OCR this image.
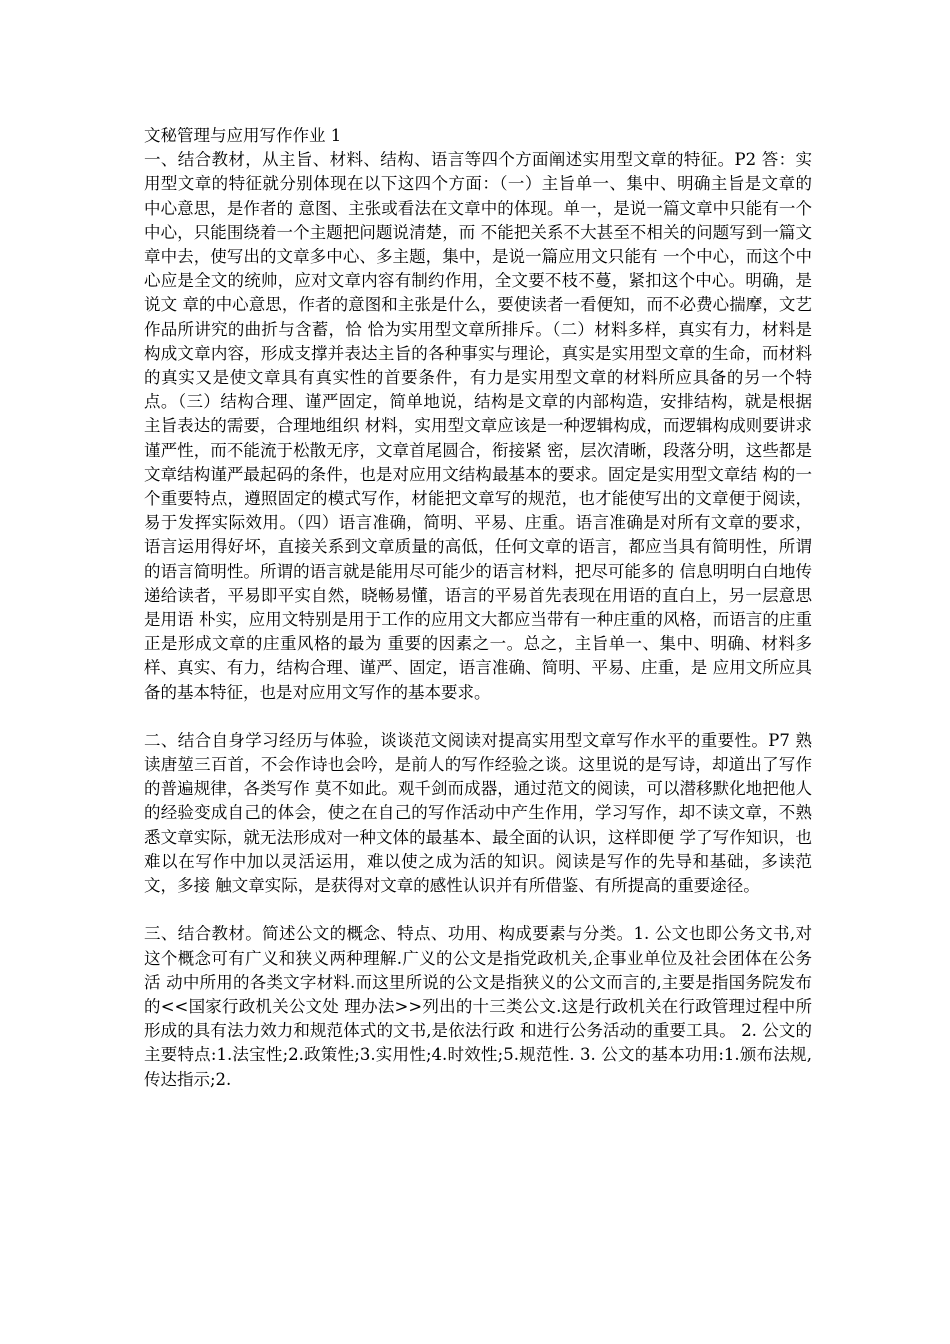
文秘管理与应用写作作业 1

一、结合教材，从主旨、材料、结构、语言等四个方面阐述实用型文章的特征。P2 答：实用型文章的特征就分别体现在以下这四个方面：（一）主旨单一、集中、明确主旨是文章的中心意思，是作者的 意图、主张或看法在文章中的体现。单一，是说一篇文章中只能有一个中心，只能围绕着一个主题把问题说清楚，而 不能把关系不大甚至不相关的问题写到一篇文章中去，使写出的文章多中心、多主题，集中，是说一篇应用文只能有 一个中心，而这个中心应是全文的统帅，应对文章内容有制约作用，全文要不枝不蔓，紧扣这个中心。明确，是说文 章的中心意思，作者的意图和主张是什么，要使读者一看便知，而不必费心揣摩，文艺作品所讲究的曲折与含蓄，恰 恰为实用型文章所排斥。（二）材料多样，真实有力，材料是构成文章内容，形成支撑并表达主旨的各种事实与理论，真实是实用型文章的生命，而材料的真实又是使文章具有真实性的首要条件，有力是实用型文章的材料所应具备的另一个特点。（三）结构合理、谨严固定，简单地说，结构是文章的内部构造，安排结构，就是根据主旨表达的需要，合理地组织 材料，实用型文章应该是一种逻辑构成，而逻辑构成则要讲求谨严性，而不能流于松散无序，文章首尾圆合，衔接紧 密，层次清晰，段落分明，这些都是文章结构谨严最起码的条件，也是对应用文结构最基本的要求。固定是实用型文章结 构的一个重要特点，遵照固定的模式写作，材能把文章写的规范，也才能使写出的文章便于阅读，易于发挥实际效用。（四）语言准确，简明、平易、庄重。语言准确是对所有文章的要求，语言运用得好坏，直接关系到文章质量的高低，任何文章的语言，都应当具有简明性，所谓的语言简明性。所谓的语言就是能用尽可能少的语言材料，把尽可能多的 信息明明白白地传递给读者，平易即平实自然，晓畅易懂，语言的平易首先表现在用语的直白上，另一层意思是用语 朴实，应用文特别是用于工作的应用文大都应当带有一种庄重的风格，而语言的庄重正是形成文章的庄重风格的最为 重要的因素之一。总之，主旨单一、集中、明确、材料多样、真实、有力，结构合理、谨严、固定，语言准确、简明、平易、庄重，是 应用文所应具备的基本特征，也是对应用文写作的基本要求。

二、结合自身学习经历与体验，谈谈范文阅读对提高实用型文章写作水平的重要性。P7 熟读唐堃三百首，不会作诗也会吟，是前人的写作经验之谈。这里说的是写诗，却道出了写作的普遍规律，各类写作 莫不如此。观千剑而成器，通过范文的阅读，可以潜移默化地把他人的经验变成自己的体会，使之在自己的写作活动中产生作用，学习写作，却不读文章，不熟悉文章实际，就无法形成对一种文体的最基本、最全面的认识，这样即便 学了写作知识，也难以在写作中加以灵活运用，难以使之成为活的知识。阅读是写作的先导和基础，多读范文，多接 触文章实际，是获得对文章的感性认识并有所借鉴、有所提高的重要途径。

三、结合教材。简述公文的概念、特点、功用、构成要素与分类。1. 公文也即公务文书,对这个概念可有广义和狭义两种理解.广义的公文是指党政机关,企事业单位及社会团体在公务活 动中所用的各类文字材料.而这里所说的公文是指狭义的公文而言的,主要是指国务院发布的<<国家行政机关公文处 理办法>>列出的十三类公文.这是行政机关在行政管理过程中所形成的具有法力效力和规范体式的文书,是依法行政 和进行公务活动的重要工具。 2. 公文的主要特点:1.法宝性;2.政策性;3.实用性;4.时效性;5.规范性. 3. 公文的基本功用:1.颁布法规,传达指示;2.
